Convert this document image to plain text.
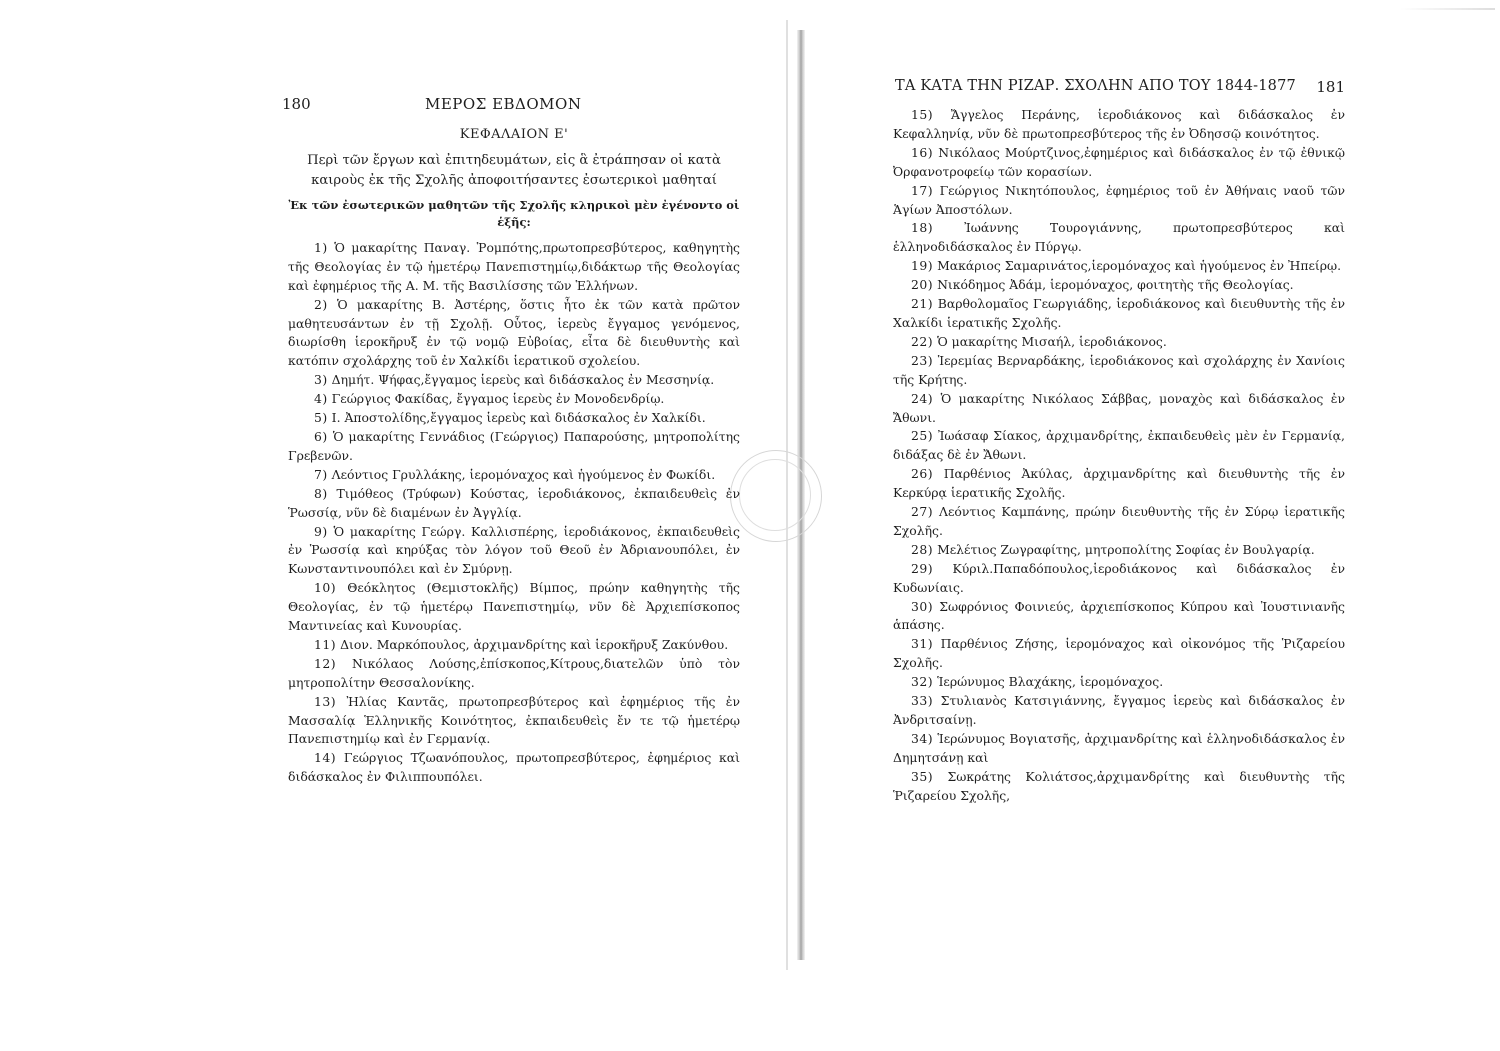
180	ΜΕΡΟΣ ΕΒΔΟΜΟΝ

ΚΕΦΑΛΑΙΟΝ Ε'

Περὶ τῶν ἔργων καὶ ἐπιτηδευμάτων, εἰς ἃ ἐτράπησαν οἱ κατὰ καιροὺς ἐκ τῆς Σχολῆς ἀποφοιτήσαντες ἐσωτερικοὶ μαθηταί

Ἐκ τῶν ἐσωτερικῶν μαθητῶν τῆς Σχολῆς κληρικοὶ μὲν ἐγένοντο οἱ ἑξῆς:

1) Ὁ μακαρίτης Παναγ. Ῥομπότης,πρωτοπρεσβύτερος, καθηγητὴς τῆς Θεολογίας ἐν τῷ ἡμετέρῳ Πανεπιστημίῳ,διδάκτωρ τῆς Θεολογίας καὶ ἐφημέριος τῆς Α. Μ. τῆς Βασιλίσσης τῶν Ἑλλήνων.

2) Ὁ μακαρίτης Β. Ἀστέρης, ὅστις ἦτο ἐκ τῶν κατὰ πρῶτον μαθητευσάντων ἐν τῇ Σχολῇ. Οὗτος, ἱερεὺς ἔγγαμος γενόμενος, διωρίσθη ἱεροκῆρυξ ἐν τῷ νομῷ Εὐβοίας, εἶτα δὲ διευθυντὴς καὶ κατόπιν σχολάρχης τοῦ ἐν Χαλκίδι ἱερατικοῦ σχολείου.

3) Δημήτ. Ψήφας,ἔγγαμος ἱερεὺς καὶ διδάσκαλος ἐν Μεσσηνίᾳ.

4) Γεώργιος Φακίδας, ἔγγαμος ἱερεὺς ἐν Μονοδενδρίῳ.

5) Ι. Ἀποστολίδης,ἔγγαμος ἱερεὺς καὶ διδάσκαλος ἐν Χαλκίδι.

6) Ὁ μακαρίτης Γεννάδιος (Γεώργιος) Παπαρούσης, μητροπολίτης Γρεβενῶν.

7) Λεόντιος Γρυλλάκης, ἱερομόναχος καὶ ἡγούμενος ἐν Φωκίδι.

8) Τιμόθεος (Τρύφων) Κούστας, ἱεροδιάκονος, ἐκπαιδευθεὶς ἐν Ῥωσσίᾳ, νῦν δὲ διαμένων ἐν Ἀγγλίᾳ.

9) Ὁ μακαρίτης Γεώργ. Καλλισπέρης, ἱεροδιάκονος, ἐκπαιδευθεὶς ἐν Ῥωσσίᾳ καὶ κηρύξας τὸν λόγον τοῦ Θεοῦ ἐν Ἀδριανουπόλει, ἐν Κωνσταντινουπόλει καὶ ἐν Σμύρνῃ.

10) Θεόκλητος (Θεμιστοκλῆς) Βίμπος, πρώην καθηγητὴς τῆς Θεολογίας, ἐν τῷ ἡμετέρῳ Πανεπιστημίῳ, νῦν δὲ Ἀρχιεπίσκοπος Μαντινείας καὶ Κυνουρίας.

11) Διον. Μαρκόπουλος, ἀρχιμανδρίτης καὶ ἱεροκῆρυξ Ζακύνθου.

12) Νικόλαος Λούσης,ἐπίσκοπος,Κίτρους,διατελῶν ὑπὸ τὸν μητροπολίτην Θεσσαλονίκης.

13) Ἠλίας Καντᾶς, πρωτοπρεσβύτερος καὶ ἐφημέριος τῆς ἐν Μασσαλίᾳ Ἑλληνικῆς Κοινότητος, ἐκπαιδευθεὶς ἔν τε τῷ ἡμετέρῳ Πανεπιστημίῳ καὶ ἐν Γερμανίᾳ.

14) Γεώργιος Τζωανόπουλος, πρωτοπρεσβύτερος, ἐφημέριος καὶ διδάσκαλος ἐν Φιλιππουπόλει.

ΤΑ ΚΑΤΑ ΤΗΝ ΡΙΖΑΡ. ΣΧΟΛΗΝ ΑΠΟ ΤΟΥ 1844-1877 181

15) Ἄγγελος Περάνης, ἱεροδιάκονος καὶ διδάσκαλος ἐν Κεφαλληνίᾳ, νῦν δὲ πρωτοπρεσβύτερος τῆς ἐν Ὀδησσῷ κοινότητος.

16) Νικόλαος Μούρτζινος,ἐφημέριος καὶ διδάσκαλος ἐν τῷ ἐθνικῷ Ὀρφανοτροφείῳ τῶν κορασίων.

17) Γεώργιος Νικητόπουλος, ἐφημέριος τοῦ ἐν Ἀθήναις ναοῦ τῶν Ἁγίων Ἀποστόλων.

18)	Ἰωάννης Τουρογιάννης, πρωτοπρεσβύτερος καὶ ἑλληνοδιδάσκαλος ἐν Πύργῳ.

19) Μακάριος Σαμαρινάτος,ἱερομόναχος καὶ ἡγούμενος ἐν Ἠπείρῳ.

20) Νικόδημος Ἀδάμ, ἱερομόναχος, φοιτητὴς τῆς Θεολογίας.

21) Βαρθολομαῖος Γεωργιάδης, ἱεροδιάκονος καὶ διευθυντὴς τῆς ἐν Χαλκίδι ἱερατικῆς Σχολῆς.

22) Ὁ μακαρίτης Μισαήλ, ἱεροδιάκονος.

23) Ἱερεμίας Βερναρδάκης, ἱεροδιάκονος καὶ σχολάρχης ἐν Χανίοις τῆς Κρήτης.

24) Ὁ μακαρίτης Νικόλαος Σάββας, μοναχὸς καὶ διδάσκαλος ἐν Ἄθωνι.

25) Ἰωάσαφ Σίακος, ἀρχιμανδρίτης, ἐκπαιδευθεὶς μὲν ἐν Γερμανίᾳ, διδάξας δὲ ἐν Ἄθωνι.

26) Παρθένιος Ἀκύλας, ἀρχιμανδρίτης καὶ διευθυντὴς τῆς ἐν Κερκύρᾳ ἱερατικῆς Σχολῆς.

27) Λεόντιος Καμπάνης, πρώην διευθυντὴς τῆς ἐν Σύρῳ ἱερατικῆς Σχολῆς.

28) Μελέτιος Ζωγραφίτης, μητροπολίτης Σοφίας ἐν Βουλγαρίᾳ.

29) Κύριλ.Παπαδόπουλος,ἱεροδιάκονος καὶ διδάσκαλος ἐν Κυδωνίαις.

30) Σωφρόνιος Φοινιεύς, ἀρχιεπίσκοπος Κύπρου καὶ Ἰουστινιανῆς ἁπάσης.

31) Παρθένιος Ζήσης, ἱερομόναχος καὶ οἰκονόμος τῆς Ῥιζαρείου Σχολῆς.

32) Ἱερώνυμος Βλαχάκης, ἱερομόναχος.

33) Στυλιανὸς Κατσιγιάννης, ἔγγαμος ἱερεὺς καὶ διδάσκαλος ἐν Ἀνδριτσαίνῃ.

34) Ἱερώνυμος Βογιατσῆς, ἀρχιμανδρίτης καὶ ἑλληνοδιδάσκαλος ἐν Δημητσάνῃ καὶ

35) Σωκράτης Κολιάτσος,ἀρχιμανδρίτης καὶ διευθυντὴς τῆς Ῥιζαρείου Σχολῆς,
